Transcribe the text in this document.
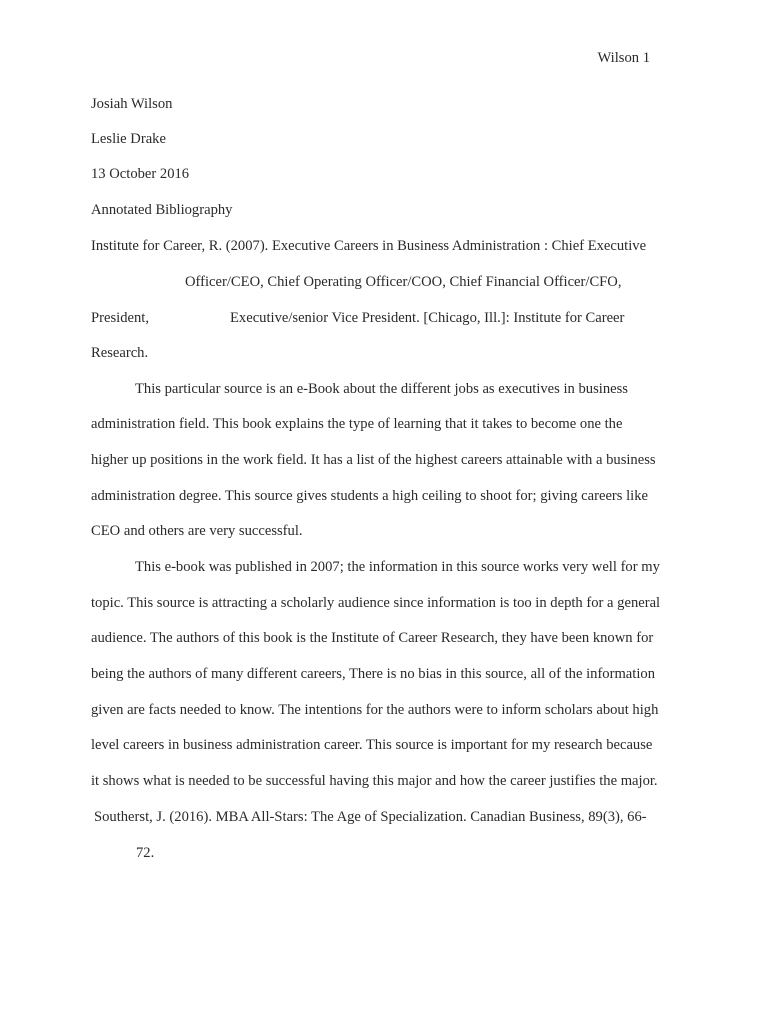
Wilson 1
Josiah Wilson
Leslie Drake
13 October 2016
Annotated Bibliography
Institute for Career, R. (2007). Executive Careers in Business Administration : Chief Executive
Officer/CEO, Chief Operating Officer/COO, Chief Financial Officer/CFO,
President,	Executive/senior Vice President. [Chicago, Ill.]: Institute for Career
Research.
This particular source is an e-Book about the different jobs as executives in business
administration field. This book explains the type of learning that it takes to become one the
higher up positions in the work field. It has a list of the highest careers attainable with a business
administration degree. This source gives students a high ceiling to shoot for; giving careers like
CEO and others are very successful.
This e-book was published in 2007; the information in this source works very well for my
topic. This source is attracting a scholarly audience since information is too in depth for a general
audience. The authors of this book is the Institute of Career Research, they have been known for
being the authors of many different careers, There is no bias in this source, all of the information
given are facts needed to know. The intentions for the authors were to inform scholars about high
level careers in business administration career. This source is important for my research because
it shows what is needed to be successful having this major and how the career justifies the major.
Southerst, J. (2016). MBA All-Stars: The Age of Specialization. Canadian Business, 89(3), 66-
72.
